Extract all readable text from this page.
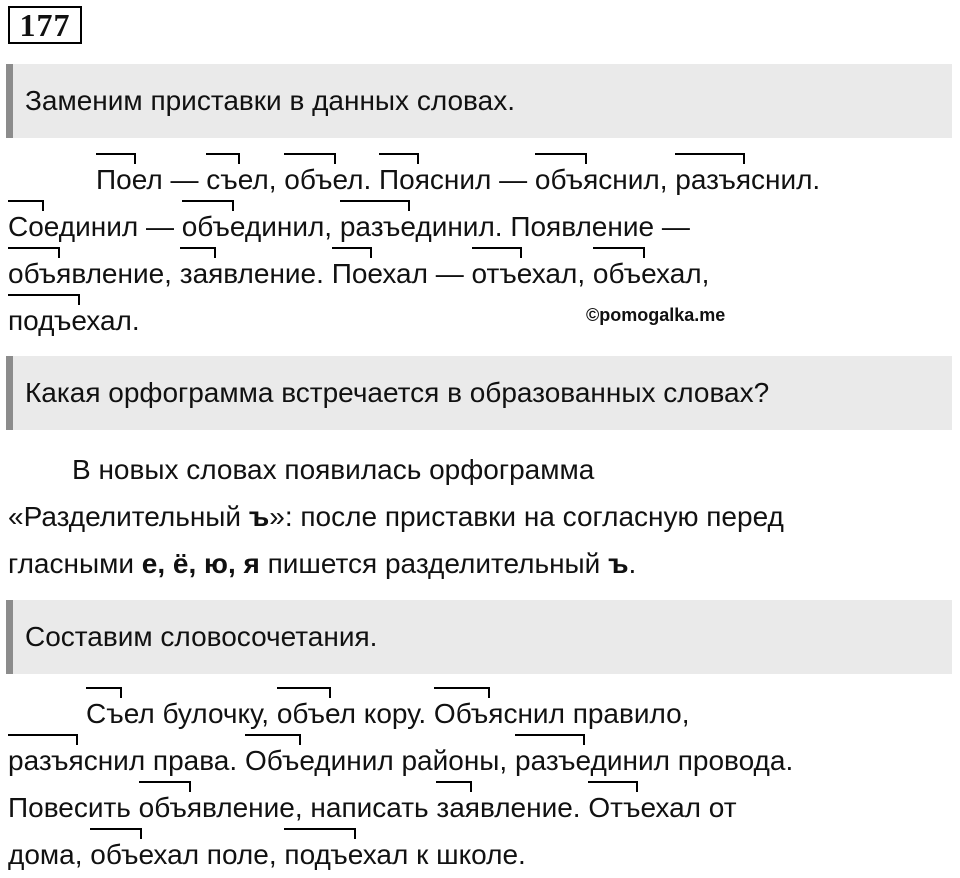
177
Заменим приставки в данных словах.
Поел — съел, объел. Пояснил — объяснил, разъяснил.
Соединил — объединил, разъединил. Появление —
объявление, заявление. Поехал — отъехал, объехал,
подъехал.	©pomogalka.me
Какая орфограмма встречается в образованных словах?
В новых словах появилась орфограмма
«Разделительный ъ»: после приставки на согласную перед
гласными е, ё, ю, я пишется разделительный ъ.
Составим словосочетания.
Съел булочку, объел кору. Объяснил правило,
разъяснил права. Объединил районы, разъединил провода.
Повесить объявление, написать заявление. Отъехал от
дома, объехал поле, подъехал к школе.
